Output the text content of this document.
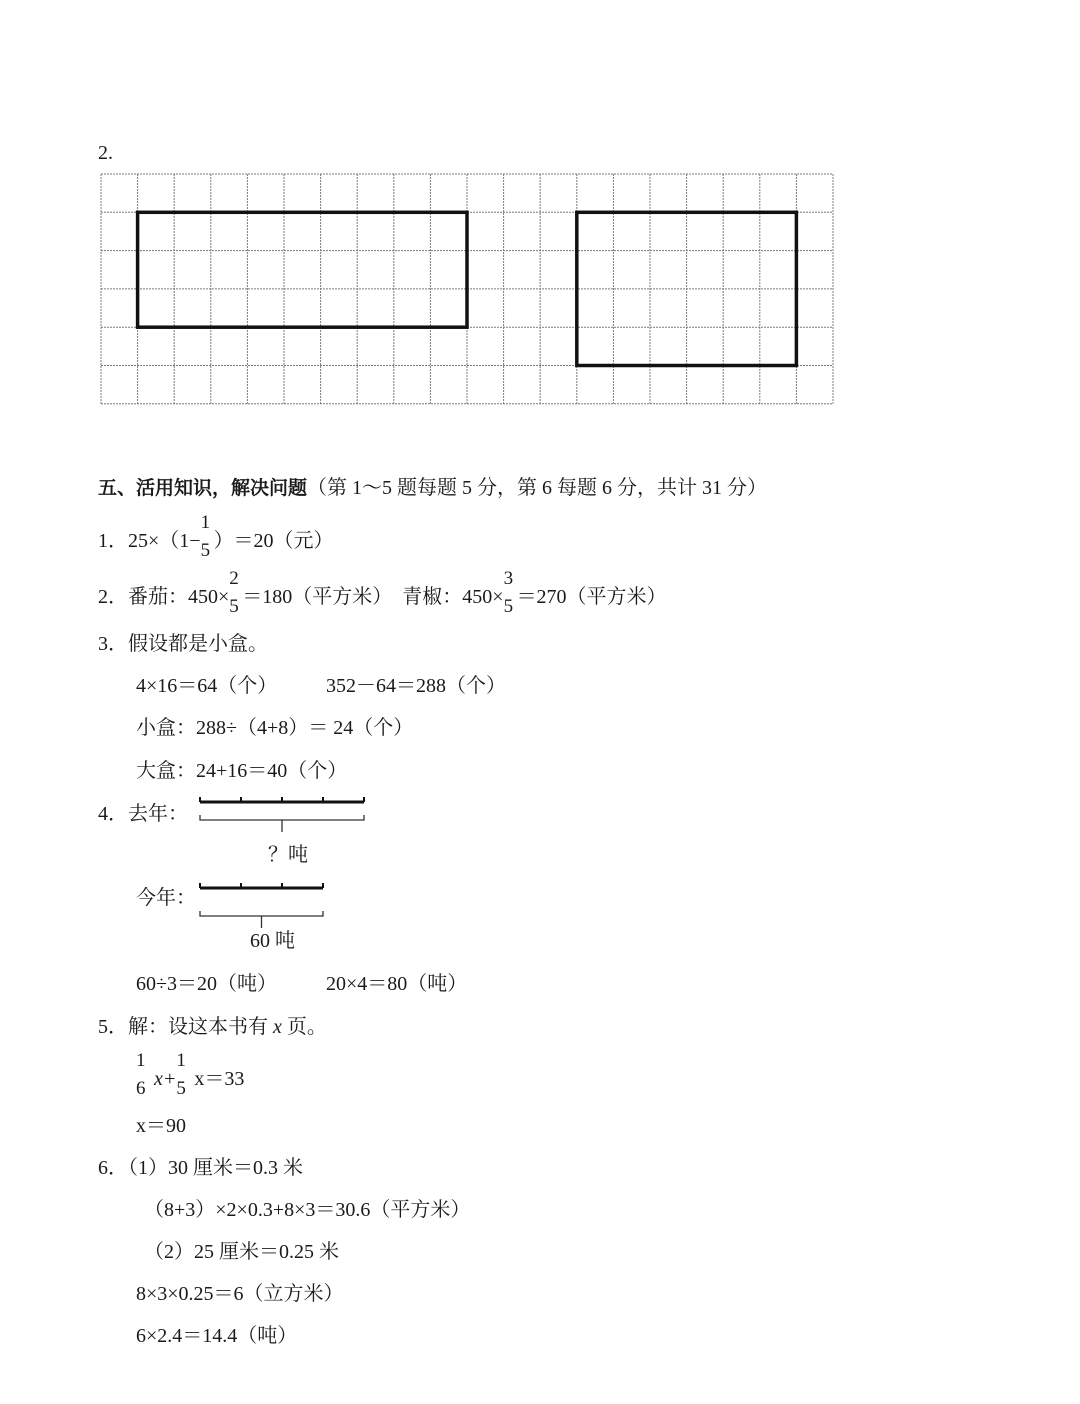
2.
五、活用知识，解决问题（第 1～5 题每题 5 分，第 6 每题 6 分，共计 31 分）
1．25×（1−
1
5 ）＝20（元）
2．番茄：450×
2
5 ＝180（平方米）　青椒：450×
3
5 ＝270（平方米）
3．假设都是小盒。
4×16＝64（个） 352－64＝288（个）
小盒：288÷（4+8）＝ 24（个）
大盒：24+16＝40（个）
4．去年：
？吨
今年：
60 吨
60÷3＝20（吨） 20×4＝80（吨）
5．解：设这本书有 x 页。
1
6 x+
1
5 x＝33
x＝90
6．（1）30 厘米＝0.3 米
（8+3）×2×0.3+8×3＝30.6（平方米）
（2）25 厘米＝0.25 米
8×3×0.25＝6（立方米）
6×2.4＝14.4（吨）
